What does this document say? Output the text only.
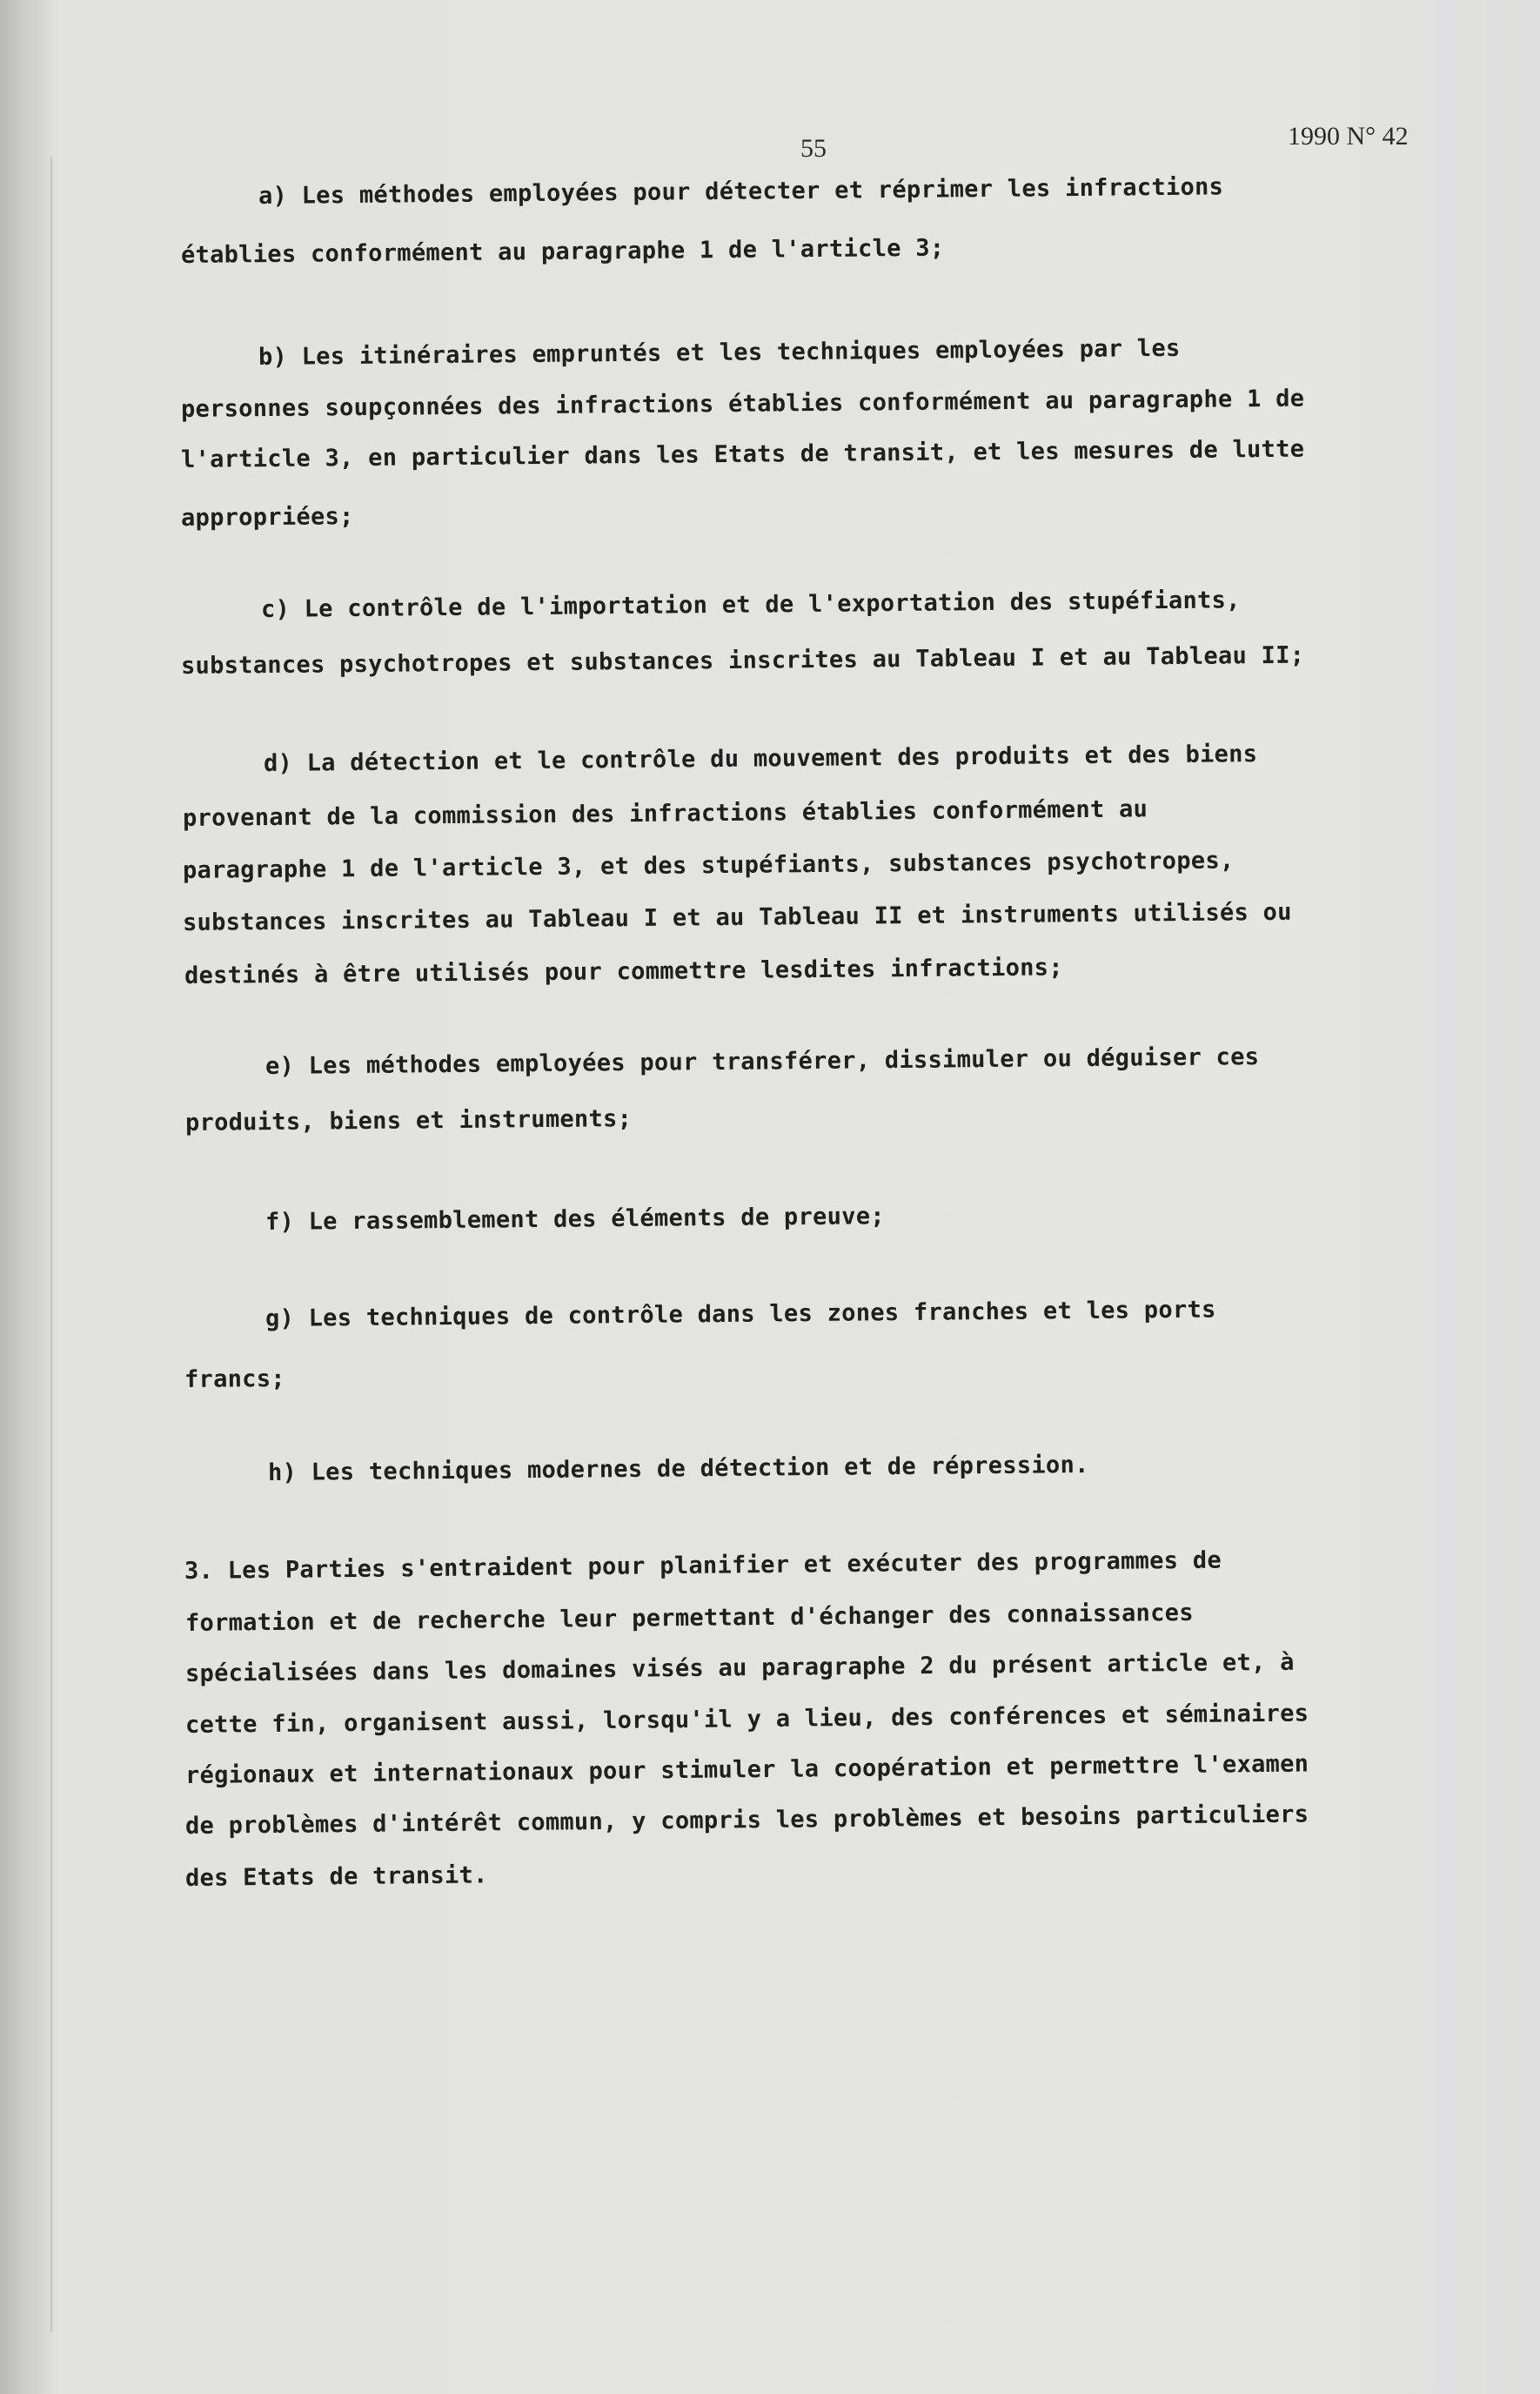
55	1990 N° 42
a) Les méthodes employées pour détecter et réprimer les infractions
établies conformément au paragraphe 1 de l'article 3;
b) Les itinéraires empruntés et les techniques employées par les
personnes soupçonnées des infractions établies conformément au paragraphe 1 de
l'article 3, en particulier dans les Etats de transit, et les mesures de lutte
appropriées;
c) Le contrôle de l'importation et de l'exportation des stupéfiants,
substances psychotropes et substances inscrites au Tableau I et au Tableau II;
d) La détection et le contrôle du mouvement des produits et des biens
provenant de la commission des infractions établies conformément au
paragraphe 1 de l'article 3, et des stupéfiants, substances psychotropes,
substances inscrites au Tableau I et au Tableau II et instruments utilisés ou
destinés à être utilisés pour commettre lesdites infractions;
e) Les méthodes employées pour transférer, dissimuler ou déguiser ces
produits, biens et instruments;
f) Le rassemblement des éléments de preuve;
g) Les techniques de contrôle dans les zones franches et les ports
francs;
h) Les techniques modernes de détection et de répression.
3. Les Parties s'entraident pour planifier et exécuter des programmes de
formation et de recherche leur permettant d'échanger des connaissances
spécialisées dans les domaines visés au paragraphe 2 du présent article et, à
cette fin, organisent aussi, lorsqu'il y a lieu, des conférences et séminaires
régionaux et internationaux pour stimuler la coopération et permettre l'examen
de problèmes d'intérêt commun, y compris les problèmes et besoins particuliers
des Etats de transit.
